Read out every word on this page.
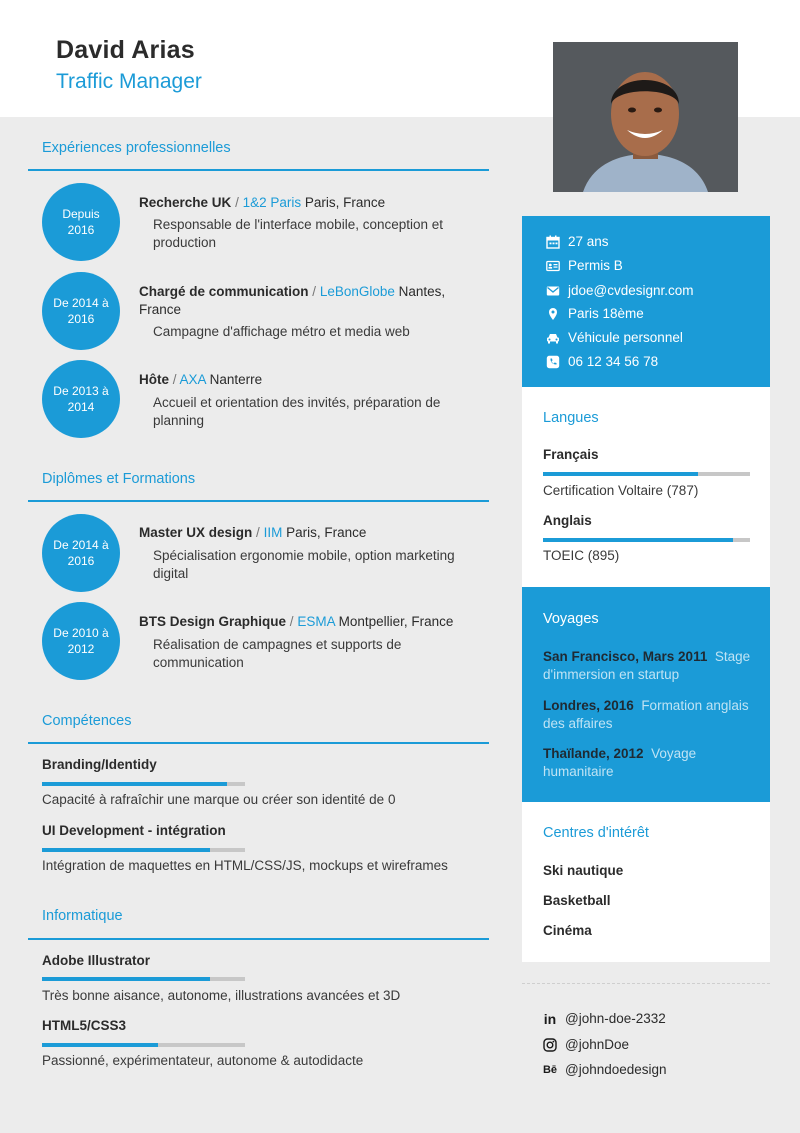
David Arias
Traffic Manager
Expériences professionnelles
Depuis 2016
Recherche UK / 1&2 Paris Paris, France
Responsable de l'interface mobile, conception et production
De 2014 à 2016
Chargé de communication / LeBonGlobe Nantes, France
Campagne d'affichage métro et media web
De 2013 à 2014
Hôte / AXA Nanterre
Accueil et orientation des invités, préparation de planning
Diplômes et Formations
De 2014 à 2016
Master UX design / IIM Paris, France
Spécialisation ergonomie mobile, option marketing digital
De 2010 à 2012
BTS Design Graphique / ESMA Montpellier, France
Réalisation de campagnes et supports de communication
Compétences
Branding/Identidy
Capacité à rafraîchir une marque ou créer son identité de 0
UI Development - intégration
Intégration de maquettes en HTML/CSS/JS, mockups et wireframes
Informatique
Adobe Illustrator
Très bonne aisance, autonome, illustrations avancées et 3D
HTML5/CSS3
Passionné, expérimentateur, autonome & autodidacte
27 ans
Permis B
jdoe@cvdesignr.com
Paris 18ème
Véhicule personnel
06 12 34 56 78
Langues
Français
Certification Voltaire (787)
Anglais
TOEIC (895)
Voyages
San Francisco, Mars 2011 Stage d'immersion en startup
Londres, 2016 Formation anglais des affaires
Thaïlande, 2012 Voyage humanitaire
Centres d'intérêt
Ski nautique
Basketball
Cinéma
in @john-doe-2332
@johnDoe
Bē @johndoedesign
